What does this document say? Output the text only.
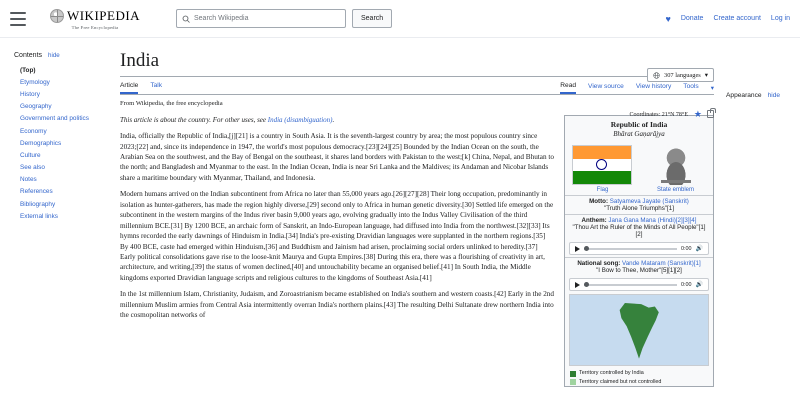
WIKIPEDIA
The Free Encyclopedia
Search Wikipedia	Search	♥ Donate Create account Log in
Contents hide
(Top)
Etymology
History
Geography
Government and politics
Economy
Demographics
Culture
See also
Notes
References
Bibliography
External links
India
307 languages ▾
Article Talk	Read View source View history Tools ▾
From Wikipedia, the free encyclopedia
Coordinates: 21°N 78°E ★

This article is about the country. For other uses, see India (disambiguation).

India, officially the Republic of India,[j][21] is a country in South Asia. It is the seventh-largest country by area; the most populous country since 2023;[22] and, since its independence in 1947, the world's most populous democracy.[23][24][25] Bounded by the Indian Ocean on the south, the Arabian Sea on the southwest, and the Bay of Bengal on the southeast, it shares land borders with Pakistan to the west;[k] China, Nepal, and Bhutan to the north; and Bangladesh and Myanmar to the east. In the Indian Ocean, India is near Sri Lanka and the Maldives; its Andaman and Nicobar Islands share a maritime boundary with Myanmar, Thailand, and Indonesia.

Modern humans arrived on the Indian subcontinent from Africa no later than 55,000 years ago.[26][27][28] Their long occupation, predominantly in isolation as hunter-gatherers, has made the region highly diverse,[29] second only to Africa in human genetic diversity.[30] Settled life emerged on the subcontinent in the western margins of the Indus river basin 9,000 years ago, evolving gradually into the Indus Valley Civilisation of the third millennium BCE.[31] By 1200 BCE, an archaic form of Sanskrit, an Indo-European language, had diffused into India from the northwest.[32][33] Its hymns recorded the early dawnings of Hinduism in India.[34] India's pre-existing Dravidian languages were supplanted in the northern regions.[35] By 400 BCE, caste had emerged within Hinduism,[36] and Buddhism and Jainism had arisen, proclaiming social orders unlinked to heredity.[37] Early political consolidations gave rise to the loose-knit Maurya and Gupta Empires.[38] During this era, there was a flourishing of creativity in art, architecture, and writing,[39] the status of women declined,[40] and untouchability became an organised belief.[41] In South India, the Middle kingdoms exported Dravidian language scripts and religious cultures to the kingdoms of Southeast Asia.[41]

In the 1st millennium Islam, Christianity, Judaism, and Zoroastrianism became established on India's southern and western coasts.[42] Early in the 2nd millennium Muslim armies from Central Asia intermittently overran India's northern plains.[43] The resulting Delhi Sultanate drew northern India into the cosmopolitan networks of

Republic of India
Bhārat Gaṇarājya
Flag	State emblem
Motto: Satyameva Jayate (Sanskrit)
"Truth Alone Triumphs"[1]
Anthem: Jana Gana Mana (Hindi)[2][3][4]
"Thou Art the Ruler of the Minds of All People"[1][2]
0:00 🔊
National song: Vande Mataram (Sanskrit)[1]
"I Bow to Thee, Mother"[5][1][2]
0:00 🔊
Territory controlled by India
Territory claimed but not controlled
Appearance hide
